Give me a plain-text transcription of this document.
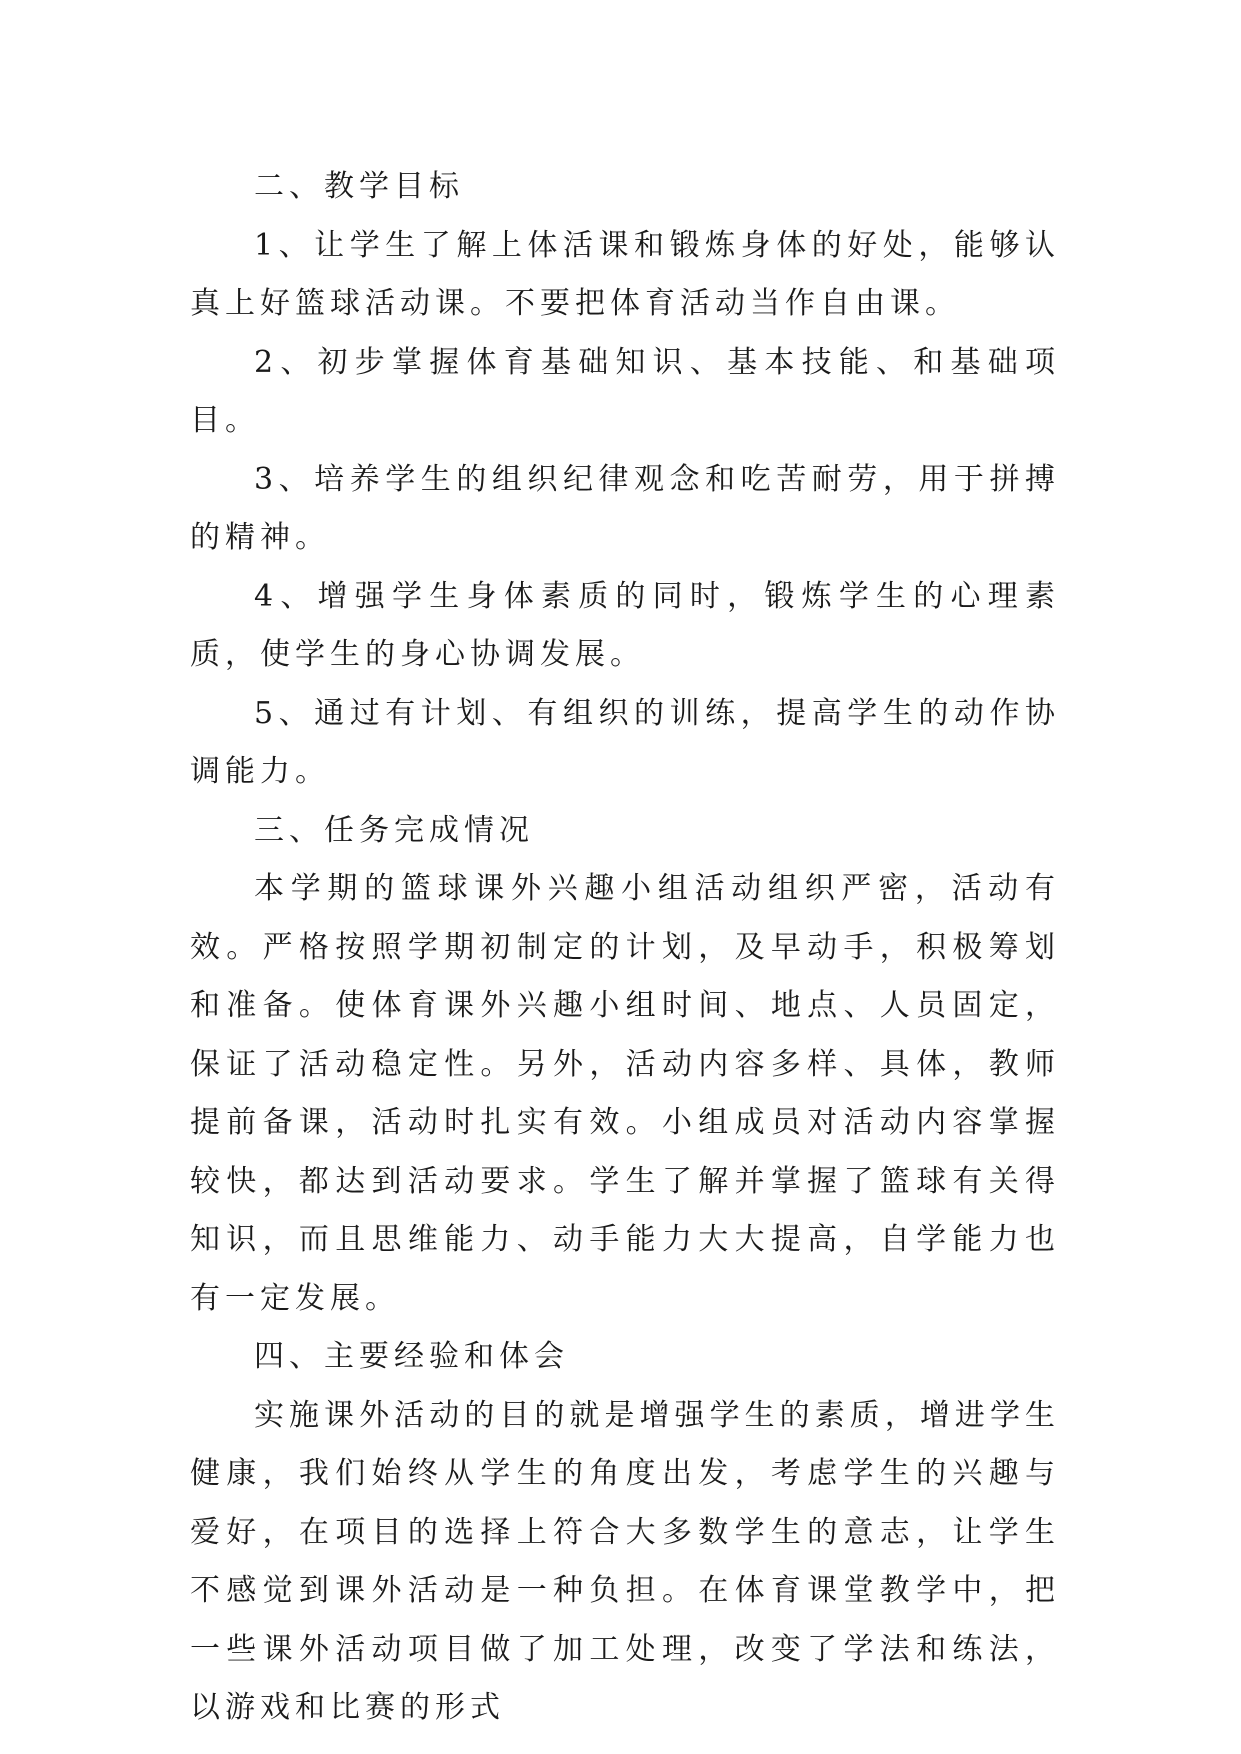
二、教学目标

1、让学生了解上体活课和锻炼身体的好处，能够认真上好篮球活动课。不要把体育活动当作自由课。

2、初步掌握体育基础知识、基本技能、和基础项目。

3、培养学生的组织纪律观念和吃苦耐劳，用于拼搏的精神。

4、增强学生身体素质的同时，锻炼学生的心理素质，使学生的身心协调发展。

5、通过有计划、有组织的训练，提高学生的动作协调能力。

三、任务完成情况

本学期的篮球课外兴趣小组活动组织严密，活动有效。严格按照学期初制定的计划，及早动手，积极筹划和准备。使体育课外兴趣小组时间、地点、人员固定，保证了活动稳定性。另外，活动内容多样、具体，教师提前备课，活动时扎实有效。小组成员对活动内容掌握较快，都达到活动要求。学生了解并掌握了篮球有关得知识，而且思维能力、动手能力大大提高，自学能力也有一定发展。

四、主要经验和体会

实施课外活动的目的就是增强学生的素质，增进学生健康，我们始终从学生的角度出发，考虑学生的兴趣与爱好，在项目的选择上符合大多数学生的意志，让学生不感觉到课外活动是一种负担。在体育课堂教学中，把一些课外活动项目做了加工处理，改变了学法和练法，以游戏和比赛的形式
